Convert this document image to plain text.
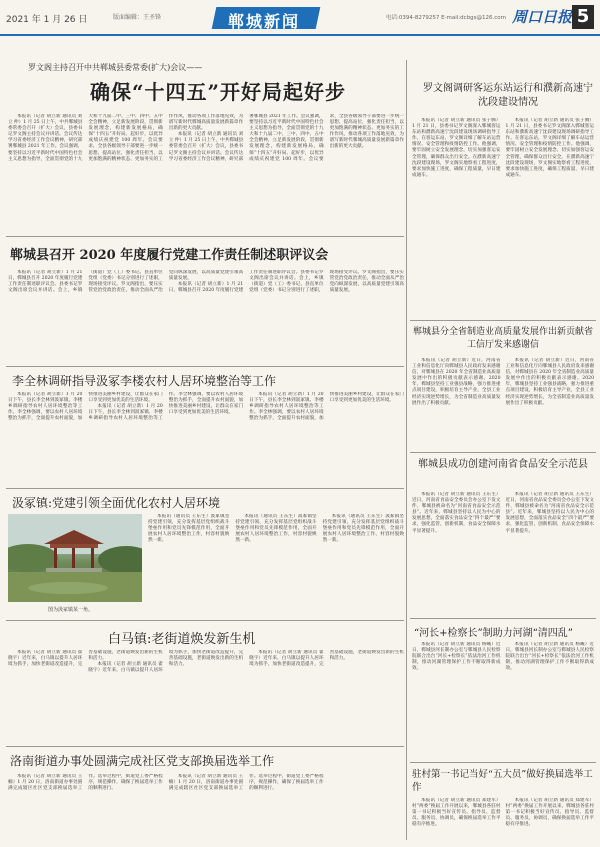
2021 年 1 月 26 日	版面编辑：王圣锋	郸城新闻	电话:0394-8279257 E-mail:dcbgs@126.com 周口日报 5
罗文阁主持召开中共郸城县委常委(扩大)会议——
确保“十四五”开好局起好步
本报讯（记者 胡立新 通讯员 刘立 仲）1 月 25 日上午，中共郸城县委常委会召开（扩大）会议，县委书记罗文阁主持会议并讲话。会议传达学习省委经济工作会议精神，研究部署郸城县 2021 年工作。会议强调，要坚持以习近平新时代中国特色社会主义思想为指导，全面贯彻党的十九大和十九届二中、三中、四中、五中全会精神，立足新发展阶段，贯彻新发展理念，构建新发展格局，确保“十四五”开好局、起好步，以优异成绩庆祝建党 100 周年。会议要求，全县各级领导干部要进一步统一思想、提高站位，强化责任担当，以更加饱满的精神状态、更加务实的工作作风，推动各项工作落地见效，为谱写新时代郸城高质量发展新篇章作出新的更大贡献。
本报讯（记者 胡立新 通讯员 刘立 仲）1 月 25 日上午，中共郸城县委常委会召开（扩大）会议，县委书记罗文阁主持会议并讲话。会议传达学习省委经济工作会议精神，研究部署郸城县 2021 年工作。会议强调，要坚持以习近平新时代中国特色社会主义思想为指导，全面贯彻党的十九大和十九届二中、三中、四中、五中全会精神，立足新发展阶段，贯彻新发展理念，构建新发展格局，确保“十四五”开好局、起好步，以优异成绩庆祝建党 100 周年。会议要求，全县各级领导干部要进一步统一思想、提高站位，强化责任担当，以更加饱满的精神状态、更加务实的工作作风，推动各项工作落地见效，为谱写新时代郸城高质量发展新篇章作出新的更大贡献。
罗文阁调研客运东站运行和濮新高速宁沈段建设情况
本报讯（记者 胡立新 通讯员 张子腾）1 月 21 日，县委书记罗文阁深入郸城客运东站和濮新高速宁沈段建设现场调研指导工作。在客运东站，罗文阁详细了解车站运营情况、安全管理和疫情防控工作。他强调，要牢固树立安全发展理念，切实加强客运安全管理，确保群众出行安全。在濮新高速宁沈段建设现场，罗文阁实地察看工程进度，要求加快施工进度，确保工程质量，早日建成通车。
本报讯（记者 胡立新 通讯员 张子腾）1 月 21 日，县委书记罗文阁深入郸城客运东站和濮新高速宁沈段建设现场调研指导工作。在客运东站，罗文阁详细了解车站运营情况、安全管理和疫情防控工作。他强调，要牢固树立安全发展理念，切实加强客运安全管理，确保群众出行安全。在濮新高速宁沈段建设现场，罗文阁实地察看工程进度，要求加快施工进度，确保工程质量，早日建成通车。
郸城县召开 2020 年度履行党建工作责任制述职评议会
本报讯（记者 胡立新）1 月 21 日，郸城县召开 2020 年度履行党建工作责任制述职评议会。县委书记罗文阁出席会议并讲话。会上，乡镇（街道）党（工）委书记、县直单位党组（党委）书记分别进行了述职，现场接受评议。罗文阁指出，要压实管党治党政治责任，推动全面从严治党向纵深发展，以高质量党建引领高质量发展。
本报讯（记者 胡立新）1 月 21 日，郸城县召开 2020 年度履行党建工作责任制述职评议会。县委书记罗文阁出席会议并讲话。会上，乡镇（街道）党（工）委书记、县直单位党组（党委）书记分别进行了述职，现场接受评议。罗文阁指出，要压实管党治党政治责任，推动全面从严治党向纵深发展，以高质量党建引领高质量发展。
郸城县分全省制造业高质量发展作出新贡献省工信厅发来感谢信
本报讯（记者 胡立新）近日，河南省工业和信息化厅向郸城县人民政府发来感谢信，对郸城县在 2020 年全省制造业高质量发展中作出的积极贡献表示感谢。2020 年，郸城县坚持工业强县战略，强力推进重点项目建设，积极培育主导产业，全县工业经济实现逆势增长，为全省制造业高质量发展作出了积极贡献。
本报讯（记者 胡立新）近日，河南省工业和信息化厅向郸城县人民政府发来感谢信，对郸城县在 2020 年全省制造业高质量发展中作出的积极贡献表示感谢。2020 年，郸城县坚持工业强县战略，强力推进重点项目建设，积极培育主导产业，全县工业经济实现逆势增长，为全省制造业高质量发展作出了积极贡献。
李全林调研指导汲冢李楼农村人居环境整治等工作
本报讯（记者 胡立新）1 月 20 日下午，县长李全林到汲冢镇、李楼乡调研指导农村人居环境整治等工作。李全林强调，要以农村人居环境整治为抓手，全面提升农村面貌，加快推进美丽乡村建设，让群众在家门口享受到更加优美的生活环境。
本报讯（记者 胡立新）1 月 20 日下午，县长李全林到汲冢镇、李楼乡调研指导农村人居环境整治等工作。李全林强调，要以农村人居环境整治为抓手，全面提升农村面貌，加快推进美丽乡村建设，让群众在家门口享受到更加优美的生活环境。
本报讯（记者 胡立新）1 月 20 日下午，县长李全林到汲冢镇、李楼乡调研指导农村人居环境整治等工作。李全林强调，要以农村人居环境整治为抓手，全面提升农村面貌，加快推进美丽乡村建设，让群众在家门口享受到更加优美的生活环境。
郸城县成功创建河南省食品安全示范县
本报讯（记者 胡立新 通讯员 王东生）近日，河南省食品安全委员会办公室下发文件，郸城县被命名为“河南省食品安全示范县”。近年来，郸城县坚持以人民为中心的发展思想，全面落实食品安全“四个最严”要求，强化监管，创新机制，食品安全保障水平显著提升。
本报讯（记者 胡立新 通讯员 王东生）近日，河南省食品安全委员会办公室下发文件，郸城县被命名为“河南省食品安全示范县”。近年来，郸城县坚持以人民为中心的发展思想，全面落实食品安全“四个最严”要求，强化监管，创新机制，食品安全保障水平显著提升。
汲冢镇:党建引领全面优化农村人居环境
图为汲冢镇某一角。
本报讯（通讯员 王东生）汲冢镇坚持党建引领，充分发挥基层党组织战斗堡垒作用和党员先锋模范作用，全面开展农村人居环境整治工作，村容村貌焕然一新。
本报讯（通讯员 王东生）汲冢镇坚持党建引领，充分发挥基层党组织战斗堡垒作用和党员先锋模范作用，全面开展农村人居环境整治工作，村容村貌焕然一新。
本报讯（通讯员 王东生）汲冢镇坚持党建引领，充分发挥基层党组织战斗堡垒作用和党员先锋模范作用，全面开展农村人居环境整治工作，村容村貌焕然一新。
“河长+检察长”制助力河湖“清四乱”
本报讯（记者 胡立新 通讯员 杨曦）近日，郸城县河长制办公室与郸城县人民检察院联合出台“河长+检察长”依法治河工作机制，推动河湖管理保护工作不断取得新成效。
本报讯（记者 胡立新 通讯员 杨曦）近日，郸城县河长制办公室与郸城县人民检察院联合出台“河长+检察长”依法治河工作机制，推动河湖管理保护工作不断取得新成效。
白马镇:老街道焕发新生机
本报讯（记者 胡立新 通讯员 翟晓宇）近年来，白马镇以提升人居环境为抓手，加快老街道改造提升，完善基础设施，老街道焕发出新的生机和活力。
本报讯（记者 胡立新 通讯员 翟晓宇）近年来，白马镇以提升人居环境为抓手，加快老街道改造提升，完善基础设施，老街道焕发出新的生机和活力。
本报讯（记者 胡立新 通讯员 翟晓宇）近年来，白马镇以提升人居环境为抓手，加快老街道改造提升，完善基础设施，老街道焕发出新的生机和活力。
驻村第一书记当好“五大员”做好换届选举工作
本报讯（记者 胡立新 通讯员 郑建军）村“两委”换届工作开展以来，郸城县各驻村第一书记积极当好宣传员、指导员、监督员、服务员、协调员，确保换届选举工作平稳有序推进。
本报讯（记者 胡立新 通讯员 郑建军）村“两委”换届工作开展以来，郸城县各驻村第一书记积极当好宣传员、指导员、监督员、服务员、协调员，确保换届选举工作平稳有序推进。
洛南街道办事处圆满完成社区党支部换届选举工作
本报讯（记者 胡立新 通讯员 王楠）1 月 20 日，洛南街道办事处圆满完成辖区社区党支部换届选举工作。选举过程中，街道党工委严格程序，规范操作，确保了换届选举工作的顺利进行。
本报讯（记者 胡立新 通讯员 王楠）1 月 20 日，洛南街道办事处圆满完成辖区社区党支部换届选举工作。选举过程中，街道党工委严格程序，规范操作，确保了换届选举工作的顺利进行。
